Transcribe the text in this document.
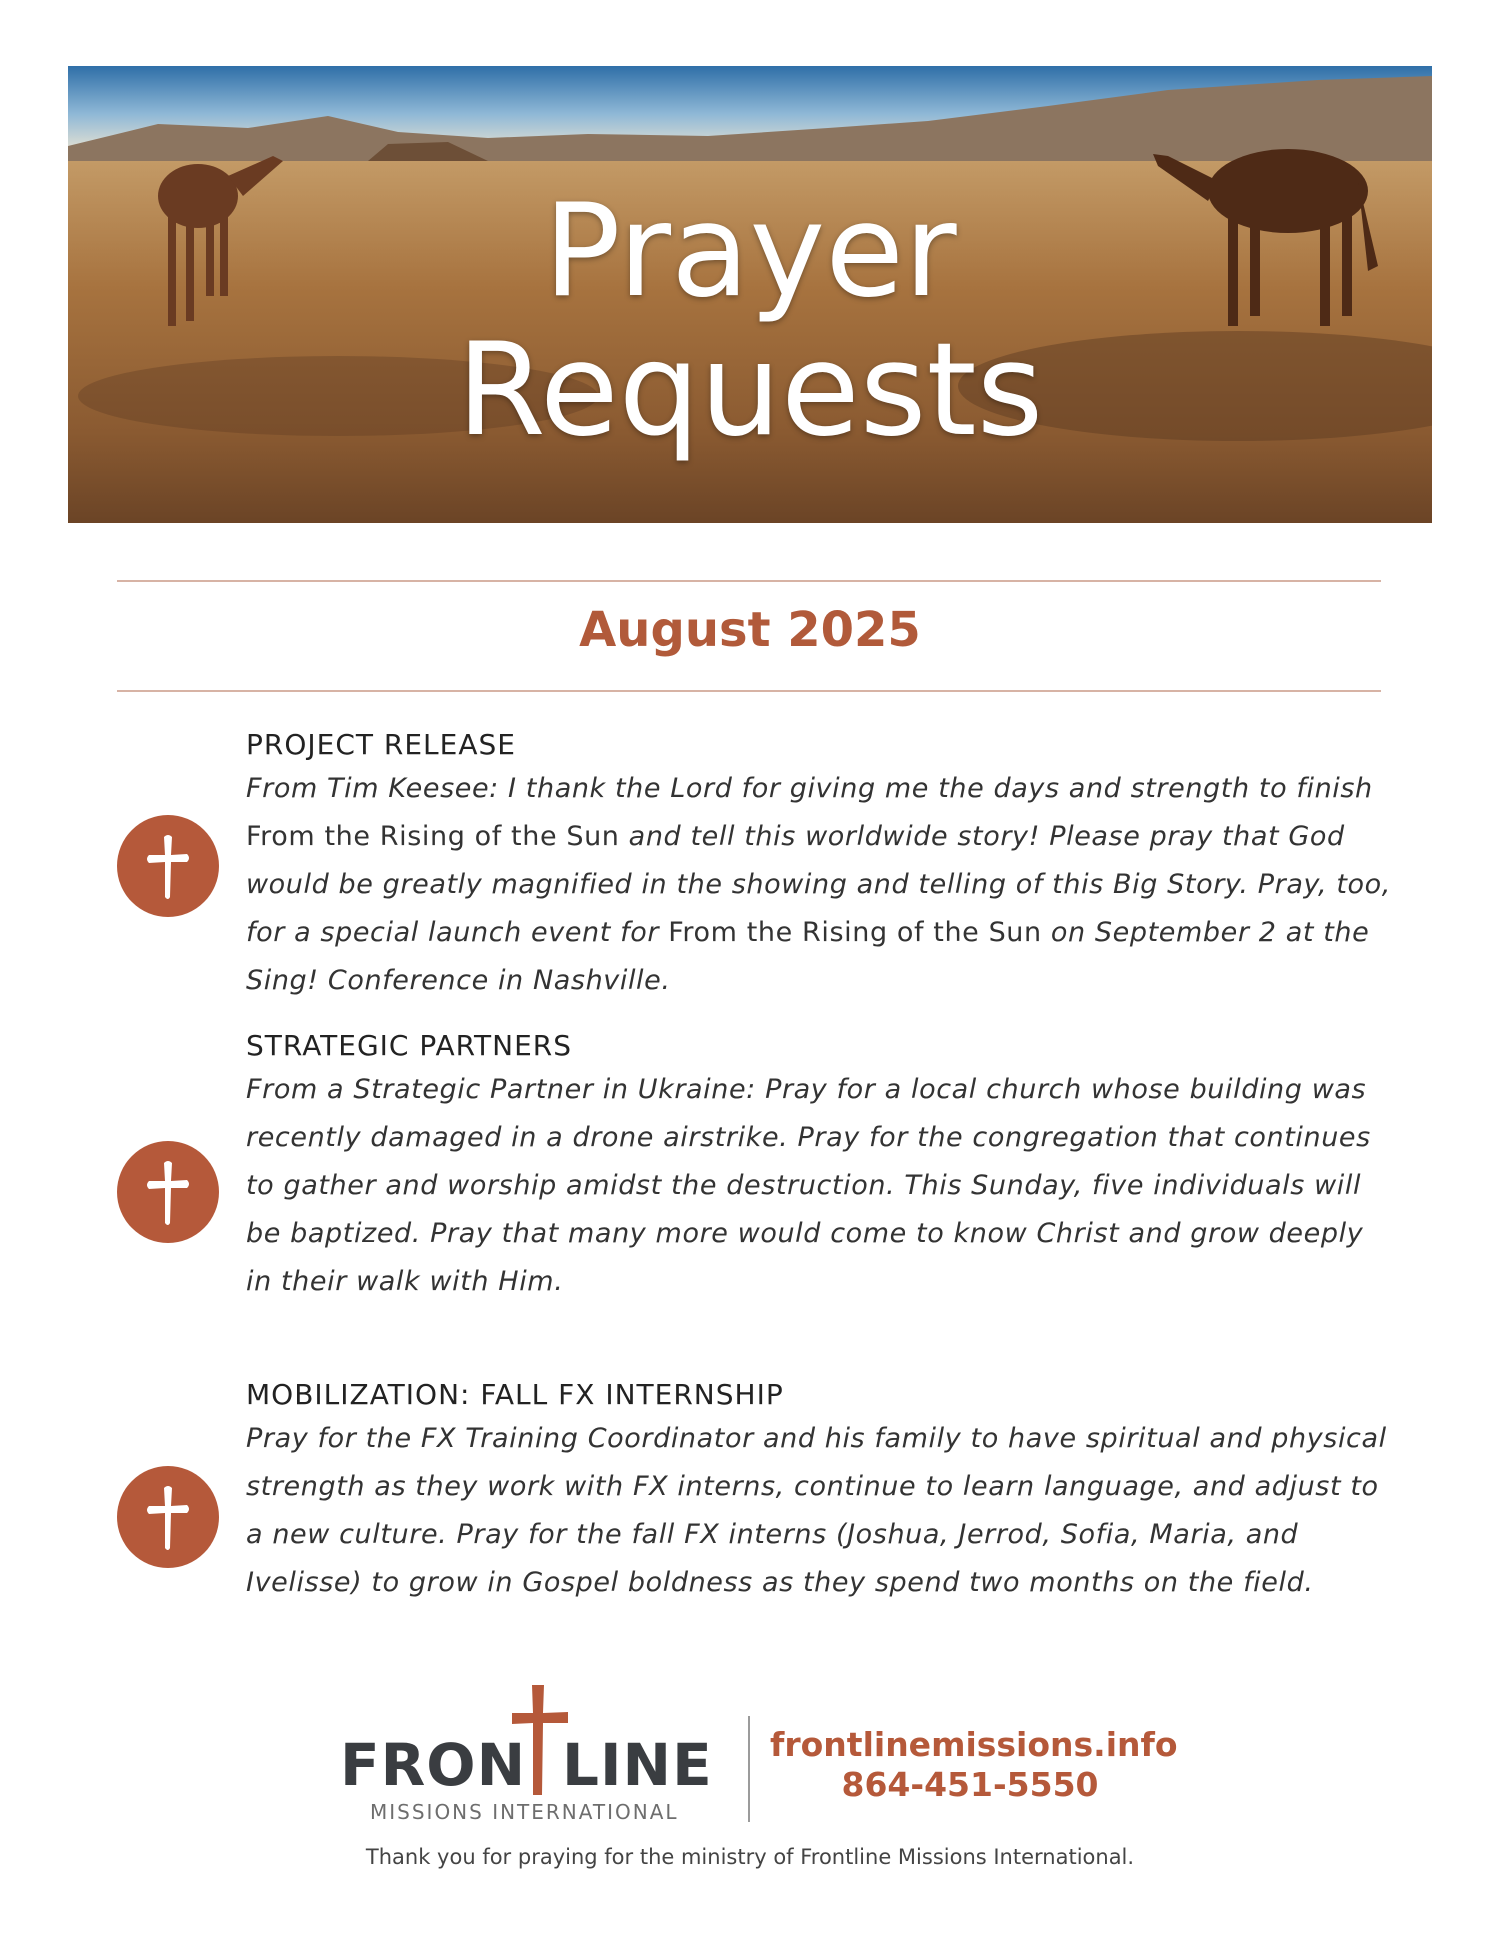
Prayer
Requests
August 2025
PROJECT RELEASE

From Tim Keesee: I thank the Lord for giving me the days and strength to finish From the Rising of the Sun and tell this worldwide story! Please pray that God would be greatly magnified in the showing and telling of this Big Story. Pray, too, for a special launch event for From the Rising of the Sun on September 2 at the Sing! Conference in Nashville.

STRATEGIC PARTNERS

From a Strategic Partner in Ukraine: Pray for a local church whose building was recently damaged in a drone airstrike. Pray for the congregation that continues to gather and worship amidst the destruction. This Sunday, five individuals will be baptized. Pray that many more would come to know Christ and grow deeply in their walk with Him.

MOBILIZATION: FALL FX INTERNSHIP

Pray for the FX Training Coordinator and his family to have spiritual and physical strength as they work with FX interns, continue to learn language, and adjust to a new culture. Pray for the fall FX interns (Joshua, Jerrod, Sofia, Maria, and Ivelisse) to grow in Gospel boldness as they spend two months on the field.

FRON LINE
MISSIONS INTERNATIONAL
frontlinemissions.info
864-451-5550
Thank you for praying for the ministry of Frontline Missions International.
